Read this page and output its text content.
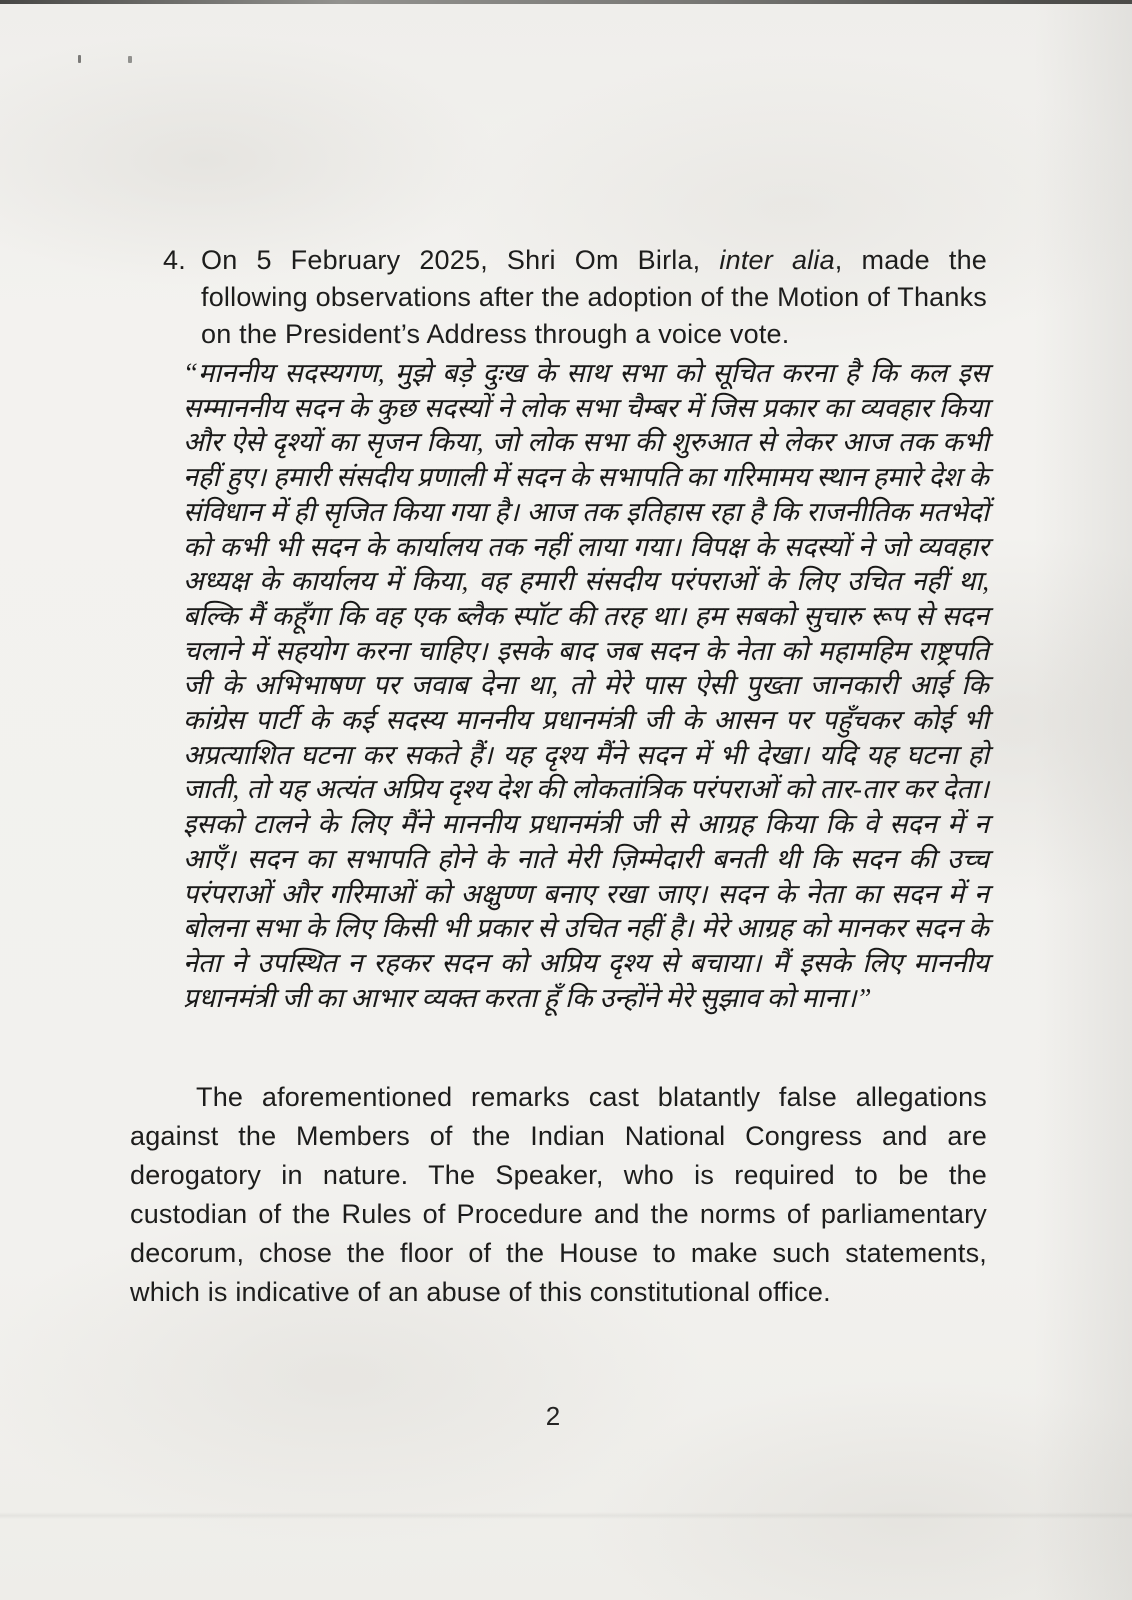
4. On 5 February 2025, Shri Om Birla, inter alia, made the following observations after the adoption of the Motion of Thanks on the President’s Address through a voice vote.
“माननीय सदस्यगण, मुझे बड़े दुःख के साथ सभा को सूचित करना है कि कल इस सम्माननीय सदन के कुछ सदस्यों ने लोक सभा चैम्बर में जिस प्रकार का व्यवहार किया और ऐसे दृश्यों का सृजन किया, जो लोक सभा की शुरुआत से लेकर आज तक कभी नहीं हुए। हमारी संसदीय प्रणाली में सदन के सभापति का गरिमामय स्थान हमारे देश के संविधान में ही सृजित किया गया है। आज तक इतिहास रहा है कि राजनीतिक मतभेदों को कभी भी सदन के कार्यालय तक नहीं लाया गया। विपक्ष के सदस्यों ने जो व्यवहार अध्यक्ष के कार्यालय में किया, वह हमारी संसदीय परंपराओं के लिए उचित नहीं था, बल्कि मैं कहूँगा कि वह एक ब्लैक स्पॉट की तरह था। हम सबको सुचारु रूप से सदन चलाने में सहयोग करना चाहिए। इसके बाद जब सदन के नेता को महामहिम राष्ट्रपति जी के अभिभाषण पर जवाब देना था, तो मेरे पास ऐसी पुख्ता जानकारी आई कि कांग्रेस पार्टी के कई सदस्य माननीय प्रधानमंत्री जी के आसन पर पहुँचकर कोई भी अप्रत्याशित घटना कर सकते हैं। यह दृश्य मैंने सदन में भी देखा। यदि यह घटना हो जाती, तो यह अत्यंत अप्रिय दृश्य देश की लोकतांत्रिक परंपराओं को तार-तार कर देता। इसको टालने के लिए मैंने माननीय प्रधानमंत्री जी से आग्रह किया कि वे सदन में न आएँ। सदन का सभापति होने के नाते मेरी ज़िम्मेदारी बनती थी कि सदन की उच्च परंपराओं और गरिमाओं को अक्षुण्ण बनाए रखा जाए। सदन के नेता का सदन में न बोलना सभा के लिए किसी भी प्रकार से उचित नहीं है। मेरे आग्रह को मानकर सदन के नेता ने उपस्थित न रहकर सदन को अप्रिय दृश्य से बचाया। मैं इसके लिए माननीय प्रधानमंत्री जी का आभार व्यक्त करता हूँ कि उन्होंने मेरे सुझाव को माना।”
The aforementioned remarks cast blatantly false allegations against the Members of the Indian National Congress and are derogatory in nature. The Speaker, who is required to be the custodian of the Rules of Procedure and the norms of parliamentary decorum, chose the floor of the House to make such statements, which is indicative of an abuse of this constitutional office.
2
